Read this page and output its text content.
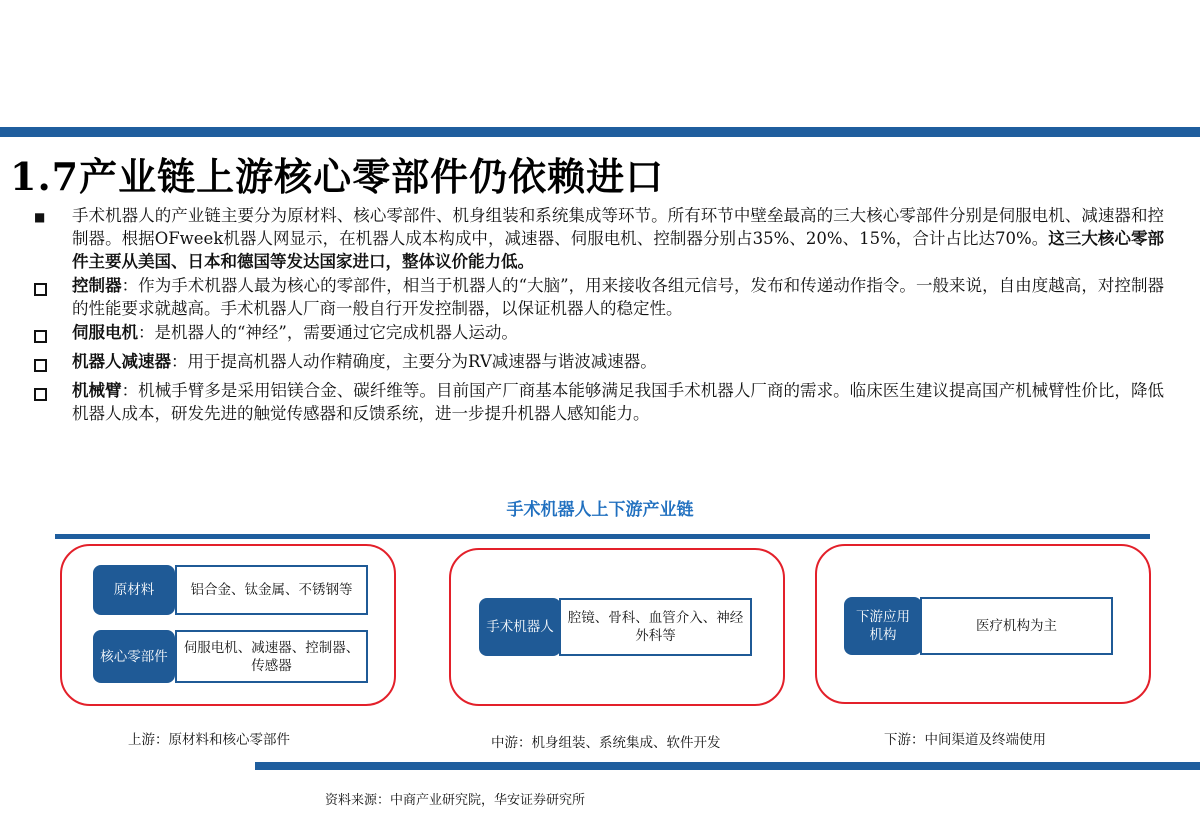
1.7产业链上游核心零部件仍依赖进口
■
手术机器人的产业链主要分为原材料、核心零部件、机身组装和系统集成等环节。所有环节中壁垒最高的三大核心零部件分别是伺服电机、减速器和控制器。根据OFweek机器人网显示，在机器人成本构成中，减速器、伺服电机、控制器分别占35%、20%、15%，合计占比达70%。这三大核心零部件主要从美国、日本和德国等发达国家进口，整体议价能力低。
控制器：作为手术机器人最为核心的零部件，相当于机器人的“大脑”，用来接收各组元信号，发布和传递动作指令。一般来说，自由度越高，对控制器的性能要求就越高。手术机器人厂商一般自行开发控制器，以保证机器人的稳定性。
伺服电机：是机器人的“神经”，需要通过它完成机器人运动。
机器人减速器：用于提高机器人动作精确度，主要分为RV减速器与谐波减速器。
机械臂：机械手臂多是采用铝镁合金、碳纤维等。目前国产厂商基本能够满足我国手术机器人厂商的需求。临床医生建议提高国产机械臂性价比，降低机器人成本，研发先进的触觉传感器和反馈系统，进一步提升机器人感知能力。
手术机器人上下游产业链
原材料	铝合金、钛金属、不锈钢等
核心零部件
伺服电机、减速器、控制器、传感器
上游：原材料和核心零部件
手术机器人
腔镜、骨科、血管介入、神经外科等
中游：机身组装、系统集成、软件开发
下游应用机构
医疗机构为主
下游：中间渠道及终端使用
资料来源：中商产业研究院，华安证券研究所
